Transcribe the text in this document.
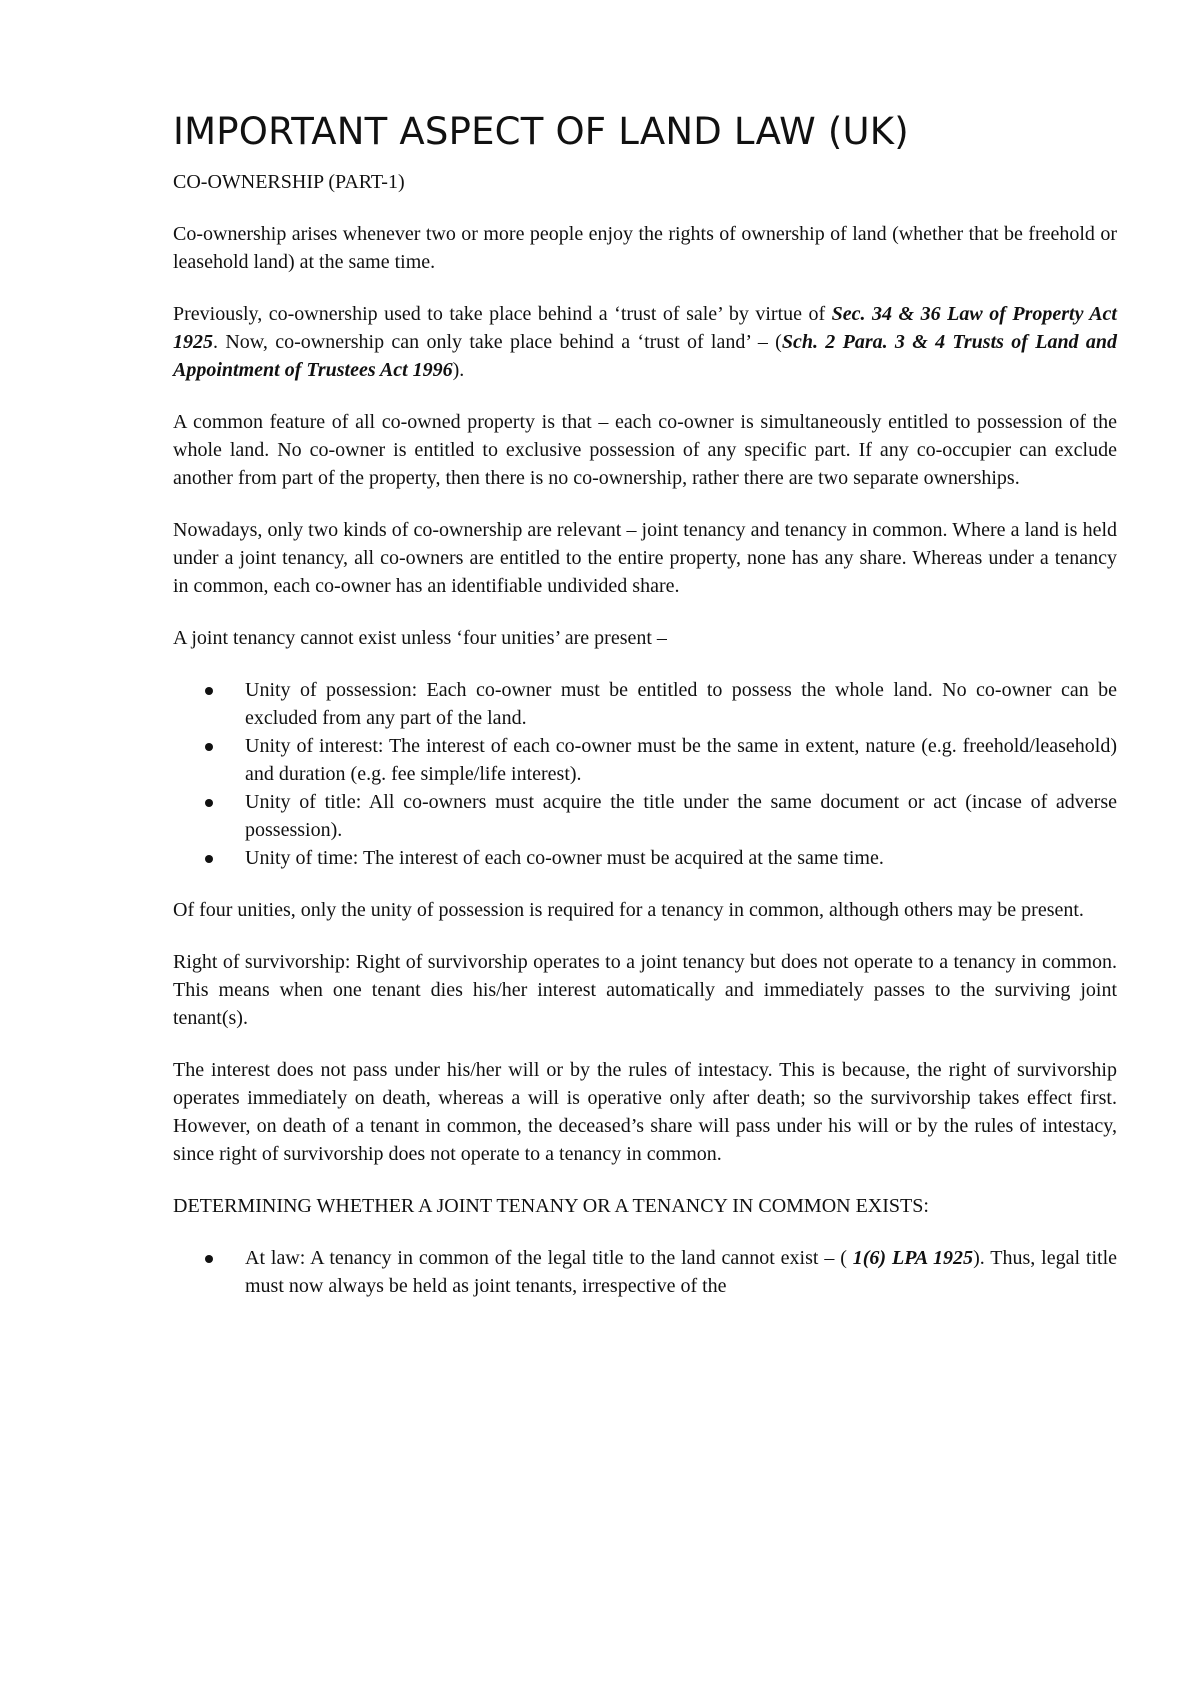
IMPORTANT ASPECT OF LAND LAW (UK)
CO-OWNERSHIP (PART-1)

Co-ownership arises whenever two or more people enjoy the rights of ownership of land (whether that be freehold or leasehold land) at the same time.

Previously, co-ownership used to take place behind a ‘trust of sale’ by virtue of Sec. 34 & 36 Law of Property Act 1925. Now, co-ownership can only take place behind a ‘trust of land’ – (Sch. 2 Para. 3 & 4 Trusts of Land and Appointment of Trustees Act 1996).

A common feature of all co-owned property is that – each co-owner is simultaneously entitled to possession of the whole land. No co-owner is entitled to exclusive possession of any specific part. If any co-occupier can exclude another from part of the property, then there is no co-ownership, rather there are two separate ownerships.

Nowadays, only two kinds of co-ownership are relevant – joint tenancy and tenancy in common. Where a land is held under a joint tenancy, all co-owners are entitled to the entire property, none has any share. Whereas under a tenancy in common, each co-owner has an identifiable undivided share.

A joint tenancy cannot exist unless ‘four unities’ are present –

Unity of possession: Each co-owner must be entitled to possess the whole land. No co-owner can be excluded from any part of the land.
Unity of interest: The interest of each co-owner must be the same in extent, nature (e.g. freehold/leasehold) and duration (e.g. fee simple/life interest).
Unity of title: All co-owners must acquire the title under the same document or act (incase of adverse possession).
Unity of time: The interest of each co-owner must be acquired at the same time.

Of four unities, only the unity of possession is required for a tenancy in common, although others may be present.

Right of survivorship: Right of survivorship operates to a joint tenancy but does not operate to a tenancy in common. This means when one tenant dies his/her interest automatically and immediately passes to the surviving joint tenant(s).

The interest does not pass under his/her will or by the rules of intestacy. This is because, the right of survivorship operates immediately on death, whereas a will is operative only after death; so the survivorship takes effect first. However, on death of a tenant in common, the deceased’s share will pass under his will or by the rules of intestacy, since right of survivorship does not operate to a tenancy in common.

DETERMINING WHETHER A JOINT TENANY OR A TENANCY IN COMMON EXISTS:
At law: A tenancy in common of the legal title to the land cannot exist – ( 1(6) LPA 1925). Thus, legal title must now always be held as joint tenants, irrespective of the
